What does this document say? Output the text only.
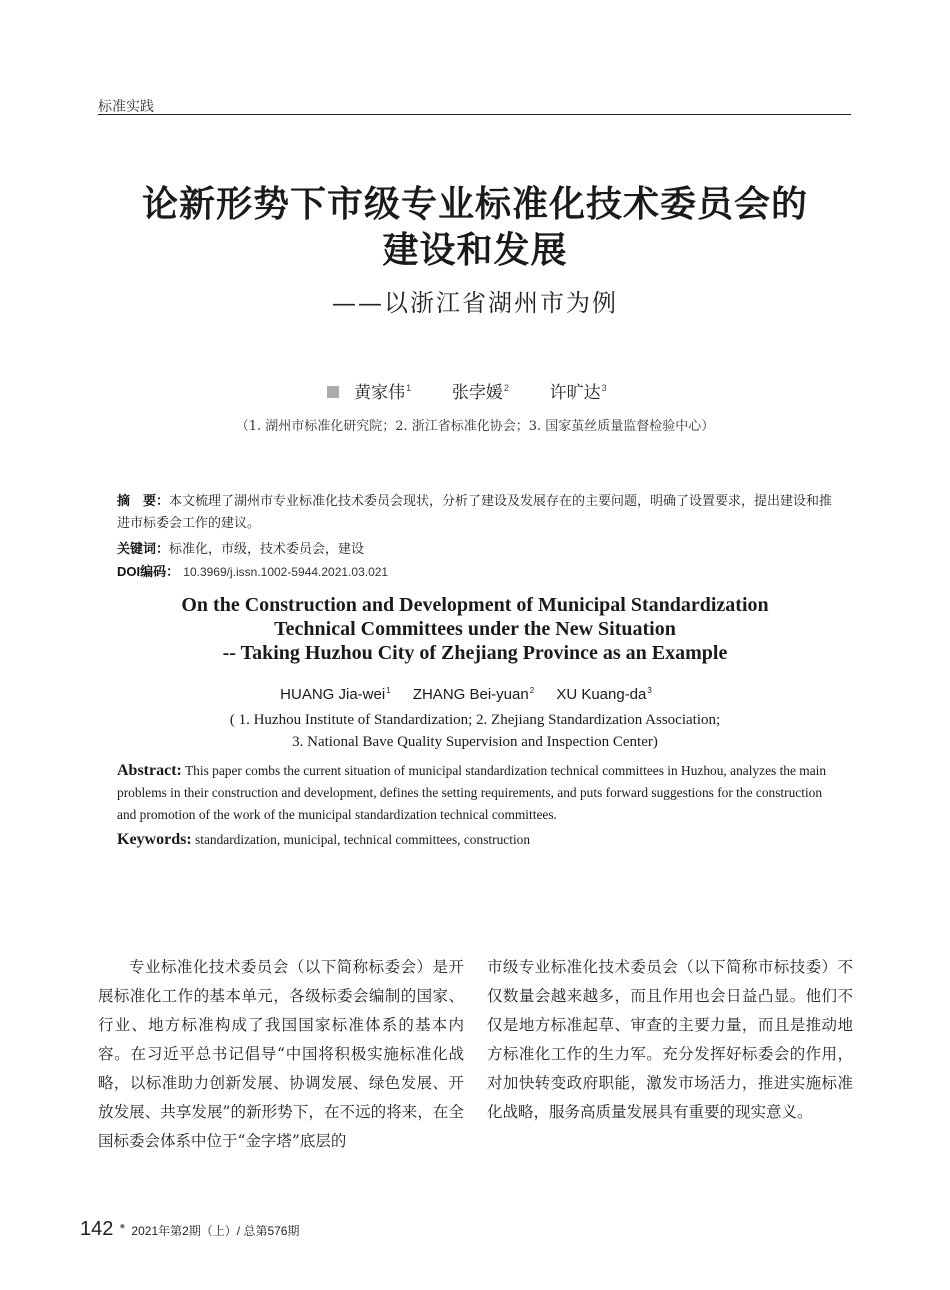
标准实践
论新形势下市级专业标准化技术委员会的
建设和发展
——以浙江省湖州市为例
黄家伟$^1$ 张孛媛$^2$ 许旷达$^3$
（1. 湖州市标准化研究院；2. 浙江省标准化协会；3. 国家茧丝质量监督检验中心）
摘　要：本文梳理了湖州市专业标准化技术委员会现状，分析了建设及发展存在的主要问题，明确了设置要求，提出建设和推进市标委会工作的建议。
关键词：标准化，市级，技术委员会，建设
DOI编码： 10.3969/j.issn.1002-5944.2021.03.021
On the Construction and Development of Municipal Standardization
Technical Committees under the New Situation
-- Taking Huzhou City of Zhejiang Province as an Example
HUANG Jia-wei$^1$ ZHANG Bei-yuan$^2$ XU Kuang-$da^3$
( 1. Huzhou Institute of Standardization; 2. Zhejiang Standardization Association;
3. National Bave Quality Supervision and Inspection Center)
Abstract: This paper combs the current situation of municipal standardization technical committees in Huzhou, analyzes the main problems in their construction and development, defines the setting requirements, and puts forward suggestions for the construction and promotion of the work of the municipal standardization technical committees.
Keywords: standardization, municipal, technical committees, construction

专业标准化技术委员会（以下简称标委会）是开展标准化工作的基本单元，各级标委会编制的国家、行业、地方标准构成了我国国家标准体系的基本内容。在习近平总书记倡导“中国将积极实施标准化战略，以标准助力创新发展、协调发展、绿色发展、开放发展、共享发展”的新形势下，在不远的将来，在全国标委会体系中位于“金字塔”底层的

市级专业标准化技术委员会（以下简称市标技委）不仅数量会越来越多，而且作用也会日益凸显。他们不仅是地方标准起草、审查的主要力量，而且是推动地方标准化工作的生力军。充分发挥好标委会的作用，对加快转变政府职能，激发市场活力，推进实施标准化战略，服务高质量发展具有重要的现实意义。

142 ● 2021年第2期（上）/ 总第576期
